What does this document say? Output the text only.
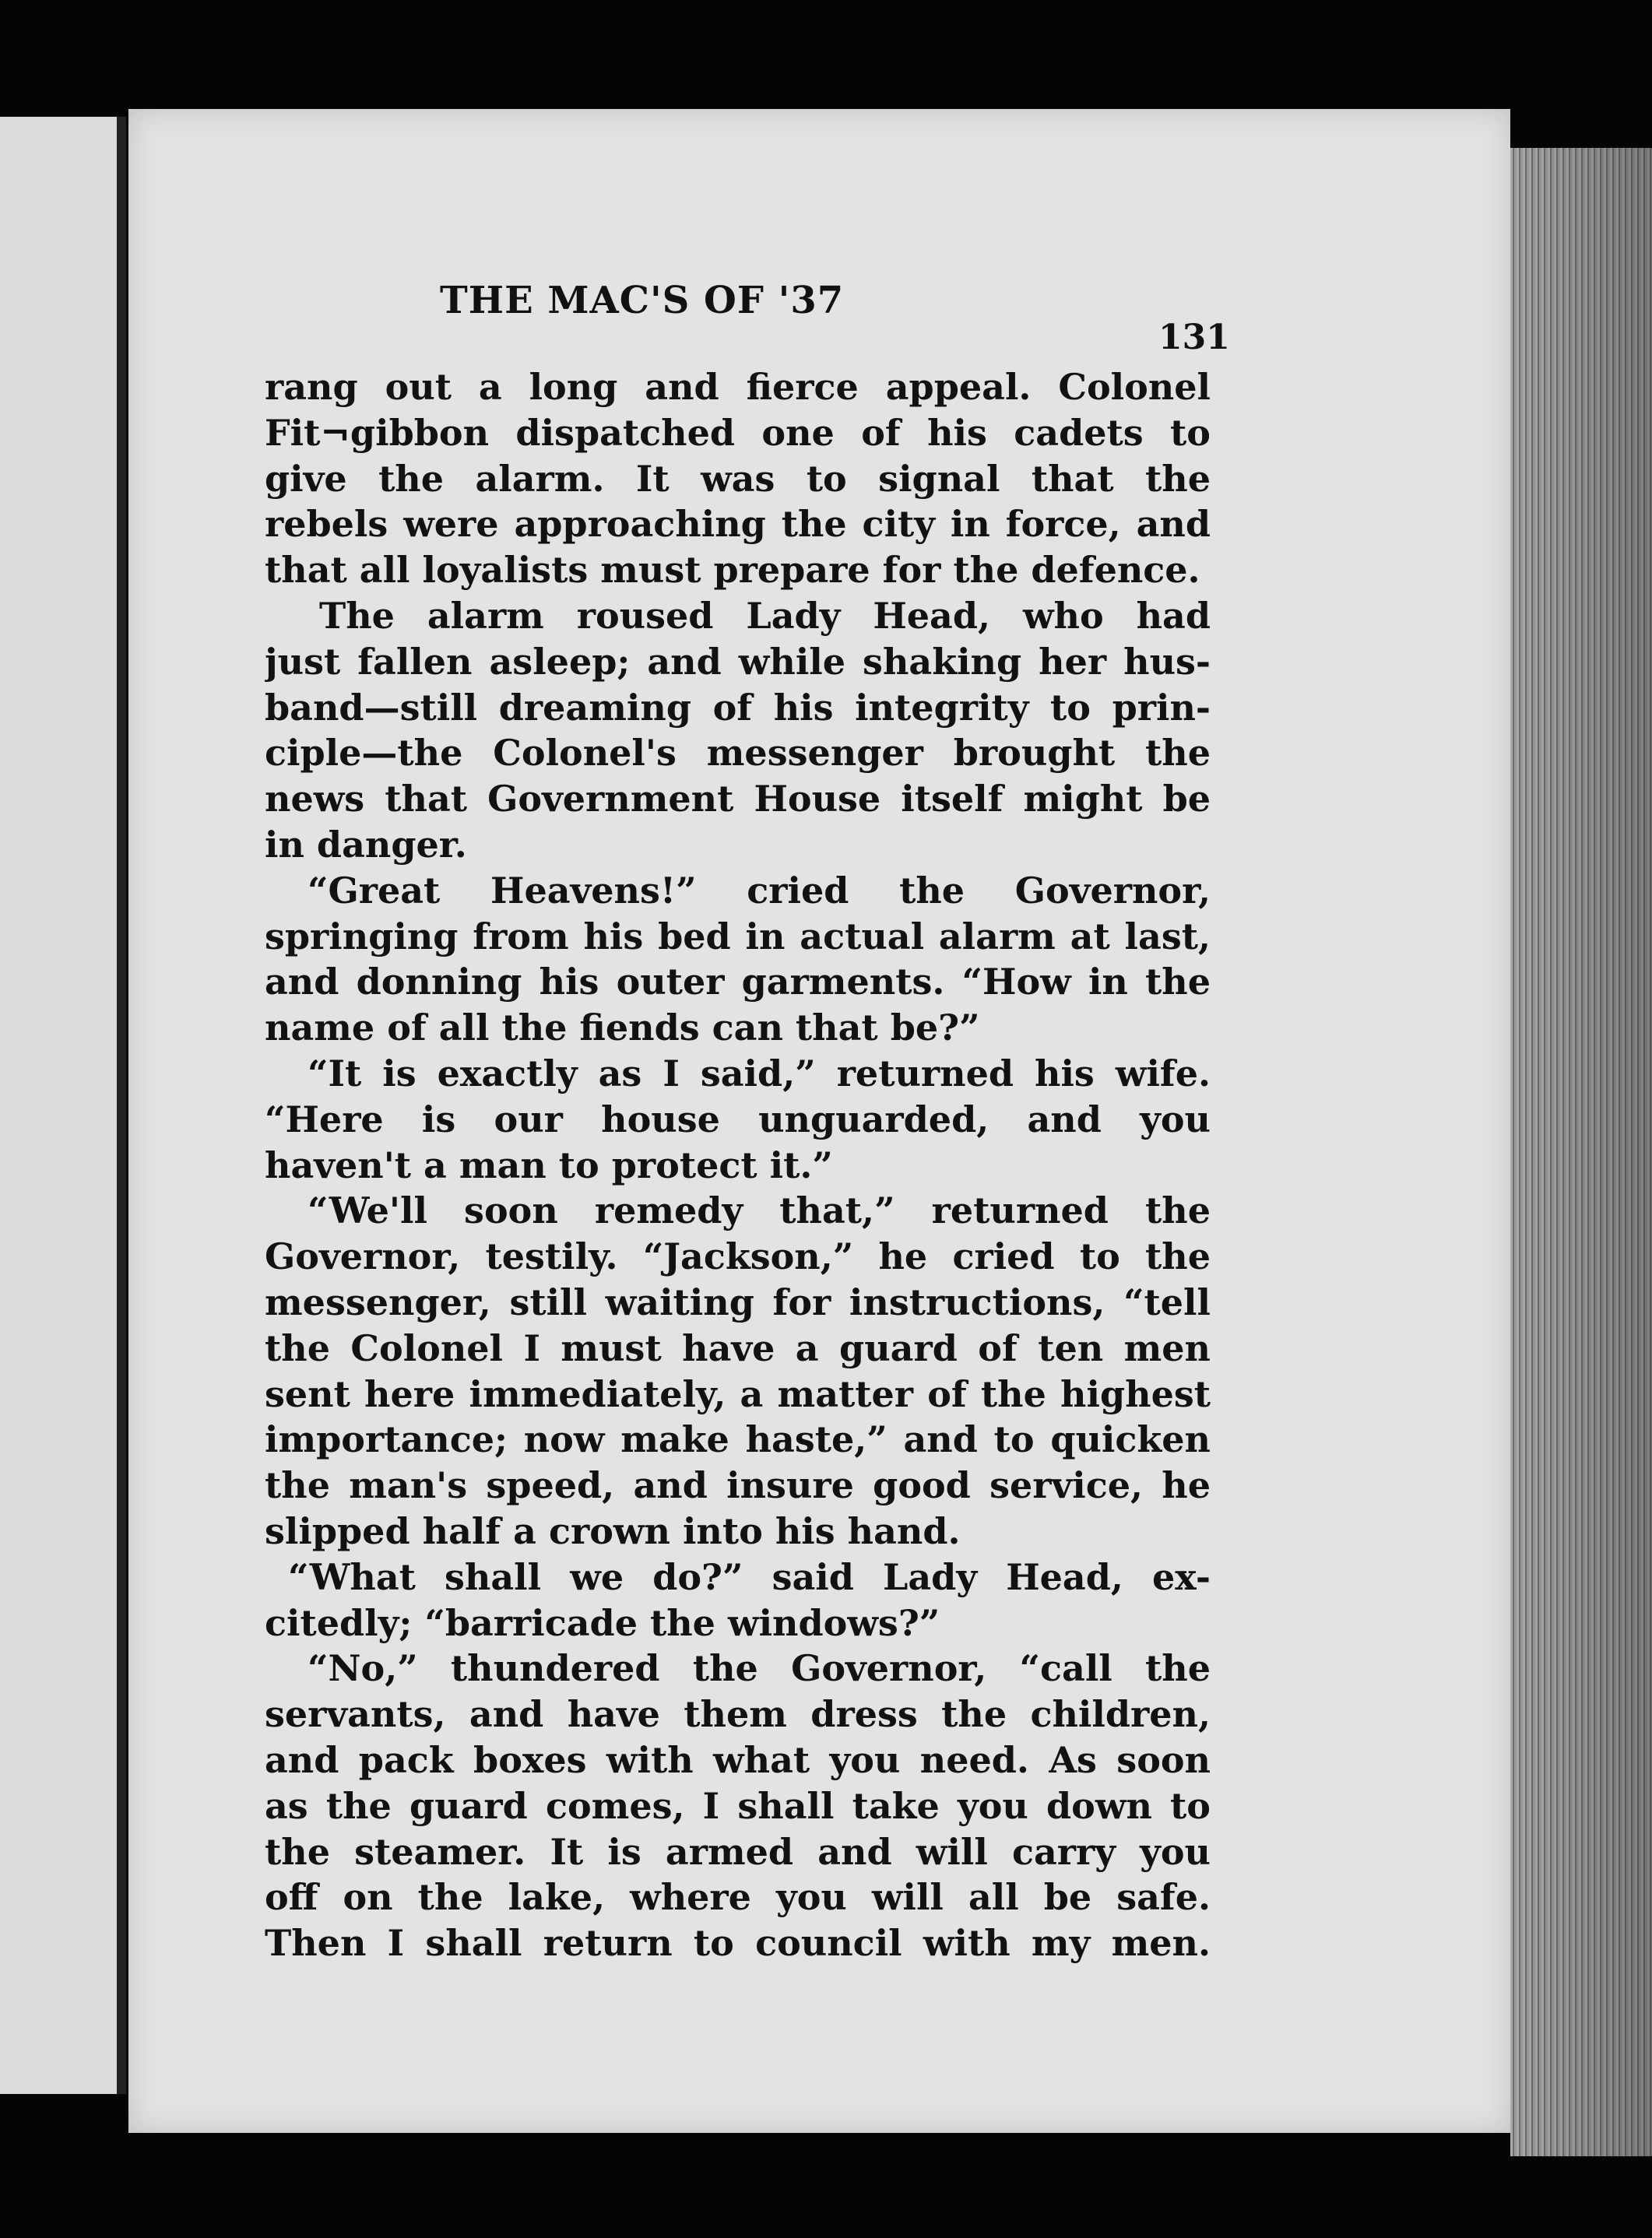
THE MAC'S OF '37
131
rang out a long and fierce appeal. Colonel
Fit¬gibbon dispatched one of his cadets to
give the alarm. It was to signal that the
rebels were approaching the city in force, and
that all loyalists must prepare for the defence.
The alarm roused Lady Head, who had
just fallen asleep; and while shaking her hus-
band—still dreaming of his integrity to prin-
ciple—the Colonel's messenger brought the
news that Government House itself might be
in danger.
“Great Heavens!” cried the Governor,
springing from his bed in actual alarm at last,
and donning his outer garments. “How in the
name of all the fiends can that be?”
“It is exactly as I said,” returned his wife.
“Here is our house unguarded, and you
haven't a man to protect it.”
“We'll soon remedy that,” returned the
Governor, testily. “Jackson,” he cried to the
messenger, still waiting for instructions, “tell
the Colonel I must have a guard of ten men
sent here immediately, a matter of the highest
importance; now make haste,” and to quicken
the man's speed, and insure good service, he
slipped half a crown into his hand.
“What shall we do?” said Lady Head, ex-
citedly; “barricade the windows?”
“No,” thundered the Governor, “call the
servants, and have them dress the children,
and pack boxes with what you need. As soon
as the guard comes, I shall take you down to
the steamer. It is armed and will carry you
off on the lake, where you will all be safe.
Then I shall return to council with my men.
